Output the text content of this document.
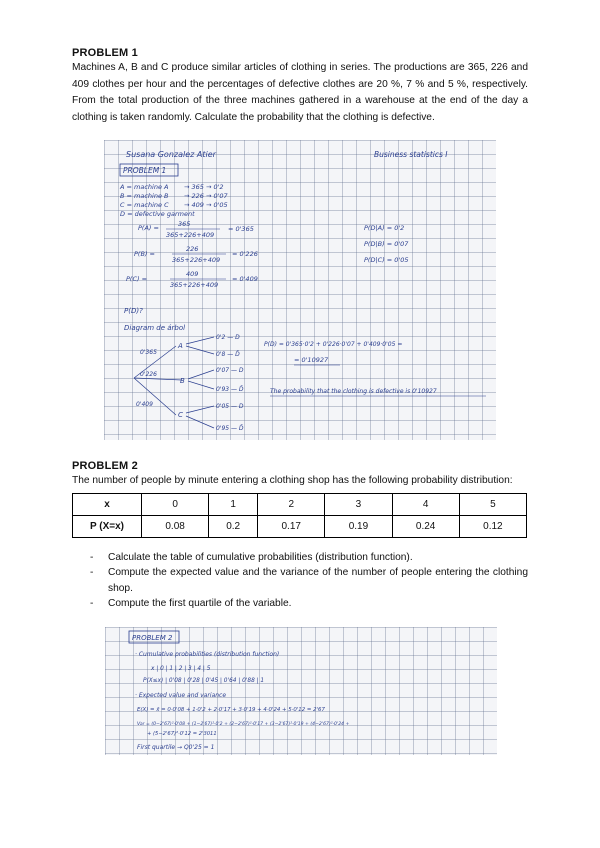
PROBLEM 1

Machines A, B and C produce similar articles of clothing in series. The productions are 365, 226 and 409 clothes per hour and the percentages of defective clothes are 20 %, 7 % and 5 %, respectively. From the total production of the three machines gathered in a warehouse at the end of the day a clothing is taken randomly. Calculate the probability that the clothing is defective.

Susana Gonzalez Atier	Business statistics I
PROBLEM 1
A = machine A
B = machine B
C = machine C
D = defective garment
→ 365 → 0'2
→ 226 → 0'07
→ 409 → 0'05
P(A) =	365
365+226+409
= 0'365
P(B) =
226
365+226+409
= 0'226
P(C) =
409
365+226+409
= 0'409
P(D|A) = 0'2
P(D|B) = 0'07
P(D|C) = 0'05
P(D)?
Diagram de árbol
0'365
0'226
0'409
A
B
C
0'2 — D
0'8 — D̄
0'07 — D
0'93 — D̄
0'05 — D
0'95 — D̄
P(D) = 0'365·0'2 + 0'226·0'07 + 0'409·0'05 =
= 0'10927
The probability that the clothing is defective is 0'10927
PROBLEM 2

The number of people by minute entering a clothing shop has the following probability distribution:

x	0	1	2	3	4	5
P (X=x)	0.08	0.2	0.17	0.19	0.24	0.12
- Calculate the table of cumulative probabilities (distribution function).
- Compute the expected value and the variance of the number of people entering the clothing shop.
- Compute the first quartile of the variable.
PROBLEM 2
· Cumulative probabilities (distribution function)
x | 0 | 1 | 2 | 3 | 4 | 5
P(X≤x) | 0'08 | 0'28 | 0'45 | 0'64 | 0'88 | 1
· Expected value and variance
E(X) = x̄ = 0·0'08 + 1·0'2 + 2·0'17 + 3·0'19 + 4·0'24 + 5·0'12 = 2'67
Var = (0−2'67)²·0'08 + (1−2'67)²·0'2 + (2−2'67)²·0'17 + (3−2'67)²·0'19 + (4−2'67)²·0'24 +
+ (5−2'67)²·0'12 = 2'3011
First quartile → Q0'25 = 1
